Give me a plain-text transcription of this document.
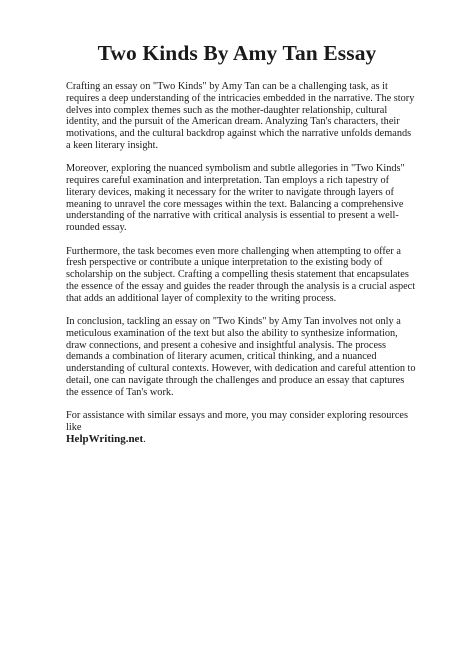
Two Kinds By Amy Tan Essay

Crafting an essay on "Two Kinds" by Amy Tan can be a challenging task, as it requires a deep understanding of the intricacies embedded in the narrative. The story delves into complex themes such as the mother-daughter relationship, cultural identity, and the pursuit of the American dream. Analyzing Tan's characters, their motivations, and the cultural backdrop against which the narrative unfolds demands a keen literary insight.

Moreover, exploring the nuanced symbolism and subtle allegories in "Two Kinds" requires careful examination and interpretation. Tan employs a rich tapestry of literary devices, making it necessary for the writer to navigate through layers of meaning to unravel the core messages within the text. Balancing a comprehensive understanding of the narrative with critical analysis is essential to present a well-rounded essay.

Furthermore, the task becomes even more challenging when attempting to offer a fresh perspective or contribute a unique interpretation to the existing body of scholarship on the subject. Crafting a compelling thesis statement that encapsulates the essence of the essay and guides the reader through the analysis is a crucial aspect that adds an additional layer of complexity to the writing process.

In conclusion, tackling an essay on "Two Kinds" by Amy Tan involves not only a meticulous examination of the text but also the ability to synthesize information, draw connections, and present a cohesive and insightful analysis. The process demands a combination of literary acumen, critical thinking, and a nuanced understanding of cultural contexts. However, with dedication and careful attention to detail, one can navigate through the challenges and produce an essay that captures the essence of Tan's work.

For assistance with similar essays and more, you may consider exploring resources like
HelpWriting.net.
